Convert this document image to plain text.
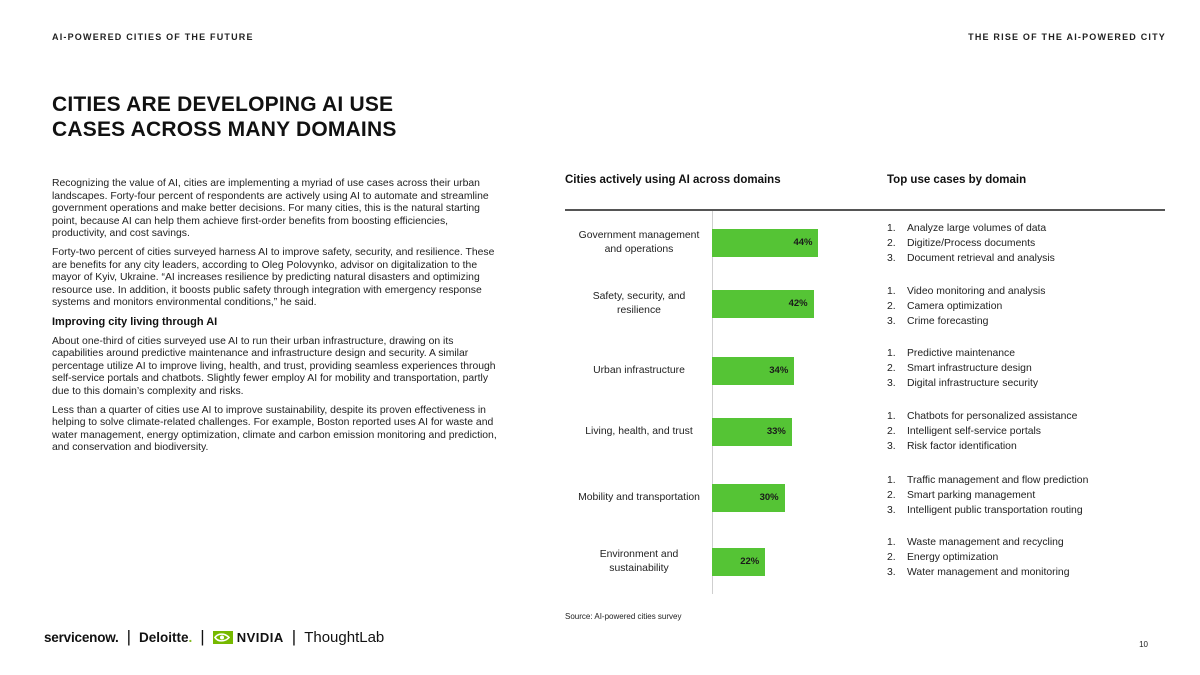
AI-POWERED CITIES OF THE FUTURE	THE RISE OF THE AI-POWERED CITY
CITIES ARE DEVELOPING AI USE
CASES ACROSS MANY DOMAINS

Recognizing the value of AI, cities are implementing a myriad of use cases across their urban landscapes. Forty-four percent of respondents are actively using AI to automate and streamline government operations and make better decisions. For many cities, this is the natural starting point, because AI can help them achieve first-order benefits from boosting efficiencies, productivity, and cost savings.

Forty-two percent of cities surveyed harness AI to improve safety, security, and resilience. These are benefits for any city leaders, according to Oleg Polovynko, advisor on digitalization to the mayor of Kyiv, Ukraine. “AI increases resilience by predicting natural disasters and optimizing resource use. In addition, it boosts public safety through integration with emergency response systems and monitors environmental conditions,” he said.

Improving city living through AI

About one-third of cities surveyed use AI to run their urban infrastructure, drawing on its capabilities around predictive maintenance and infrastructure design and security. A similar percentage utilize AI to improve living, health, and trust, providing seamless experiences through self-service portals and chatbots. Slightly fewer employ AI for mobility and transportation, partly due to this domain’s complexity and risks.

Less than a quarter of cities use AI to improve sustainability, despite its proven effectiveness in helping to solve climate-related challenges. For example, Boston reported uses AI for waste and water management, energy optimization, climate and carbon emission monitoring and prediction, and conservation and biodiversity.

Cities actively using AI across domains	Top use cases by domain
Government management and operations
44%
Safety, security, and resilience
42%
Urban infrastructure	34%
Living, health, and trust	33%
Mobility and transportation	30%
Environment and sustainability
22%
1.	Analyze large volumes of data
2.	Digitize/Process documents
3.	Document retrieval and analysis
1.	Video monitoring and analysis
2.	Camera optimization
3.	Crime forecasting
1.	Predictive maintenance
2.	Smart infrastructure design
3.	Digital infrastructure security
1.	Chatbots for personalized assistance
2.	Intelligent self-service portals
3.	Risk factor identification
1.	Traffic management and flow prediction
2.	Smart parking management
3.	Intelligent public transportation routing
1.	Waste management and recycling
2.	Energy optimization
3.	Water management and monitoring
Source: AI-powered cities survey
servicenow. | Deloitte. | NVIDIA | ThoughtLab	10
